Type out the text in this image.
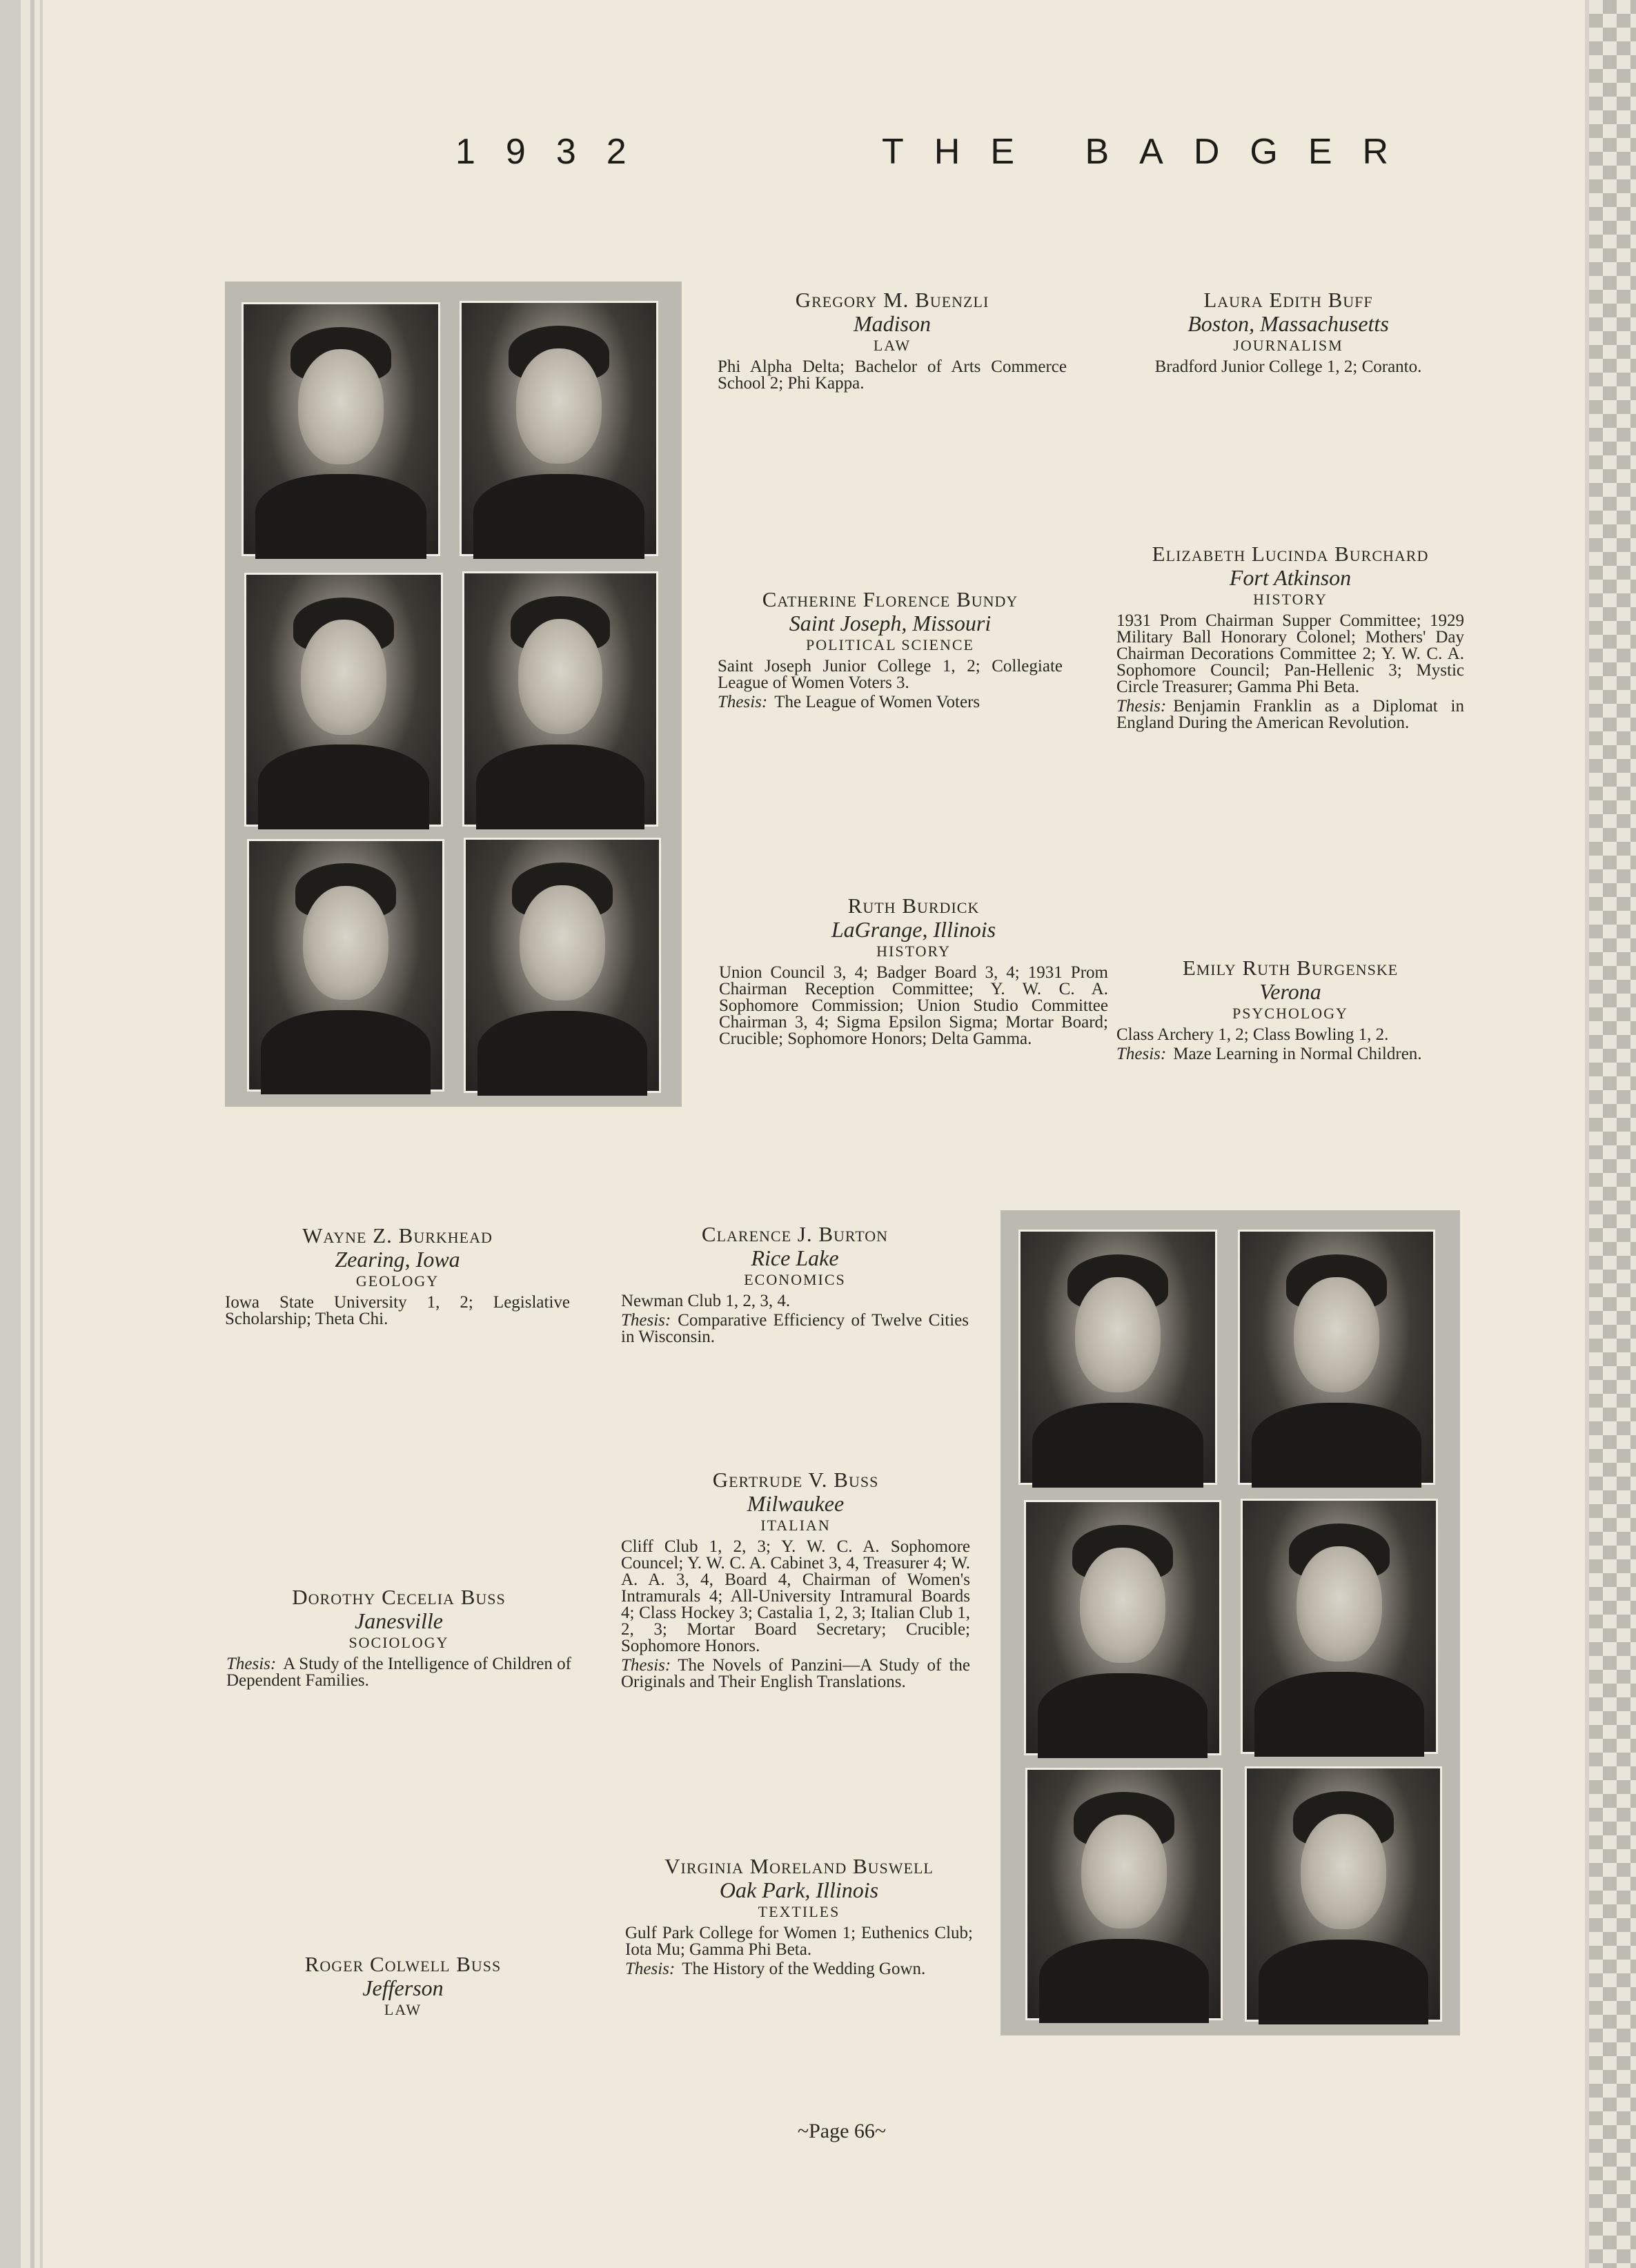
1932	THE BADGER
Gregory M. Buenzli
Madison
LAW
Phi Alpha Delta; Bachelor of Arts Commerce School 2; Phi Kappa.
Laura Edith Buff
Boston, Massachusetts
JOURNALISM
Bradford Junior College 1, 2; Coranto.
Catherine Florence Bundy
Saint Joseph, Missouri
POLITICAL SCIENCE
Saint Joseph Junior College 1, 2; Collegiate League of Women Voters 3.
Thesis: The League of Women Voters
Elizabeth Lucinda Burchard
Fort Atkinson
HISTORY
1931 Prom Chairman Supper Committee; 1929 Military Ball Honorary Colonel; Mothers' Day Chairman Decorations Committee 2; Y. W. C. A. Sophomore Council; Pan-Hellenic 3; Mystic Circle Treasurer; Gamma Phi Beta.
Thesis: Benjamin Franklin as a Diplomat in England During the American Revolution.
Ruth Burdick
LaGrange, Illinois
HISTORY
Union Council 3, 4; Badger Board 3, 4; 1931 Prom Chairman Reception Committee; Y. W. C. A. Sophomore Commission; Union Studio Committee Chairman 3, 4; Sigma Epsilon Sigma; Mortar Board; Crucible; Sophomore Honors; Delta Gamma.
Emily Ruth Burgenske
Verona
PSYCHOLOGY
Class Archery 1, 2; Class Bowling 1, 2.
Thesis: Maze Learning in Normal Children.
Wayne Z. Burkhead
Zearing, Iowa
GEOLOGY
Iowa State University 1, 2; Legislative Scholarship; Theta Chi.
Clarence J. Burton
Rice Lake
ECONOMICS
Newman Club 1, 2, 3, 4.
Thesis: Comparative Efficiency of Twelve Cities in Wisconsin.
Gertrude V. Buss
Milwaukee
ITALIAN
Cliff Club 1, 2, 3; Y. W. C. A. Sophomore Councel; Y. W. C. A. Cabinet 3, 4, Treasurer 4; W. A. A. 3, 4, Board 4, Chairman of Women's Intramurals 4; All-University Intramural Boards 4; Class Hockey 3; Castalia 1, 2, 3; Italian Club 1, 2, 3; Mortar Board Secretary; Crucible; Sophomore Honors.
Thesis: The Novels of Panzini—A Study of the Originals and Their English Translations.
Dorothy Cecelia Buss
Janesville
SOCIOLOGY
Thesis: A Study of the Intelligence of Children of Dependent Families.
Virginia Moreland Buswell
Oak Park, Illinois
TEXTILES
Gulf Park College for Women 1; Euthenics Club; Iota Mu; Gamma Phi Beta.
Thesis: The History of the Wedding Gown.
Roger Colwell Buss
Jefferson
LAW
~Page 66~
